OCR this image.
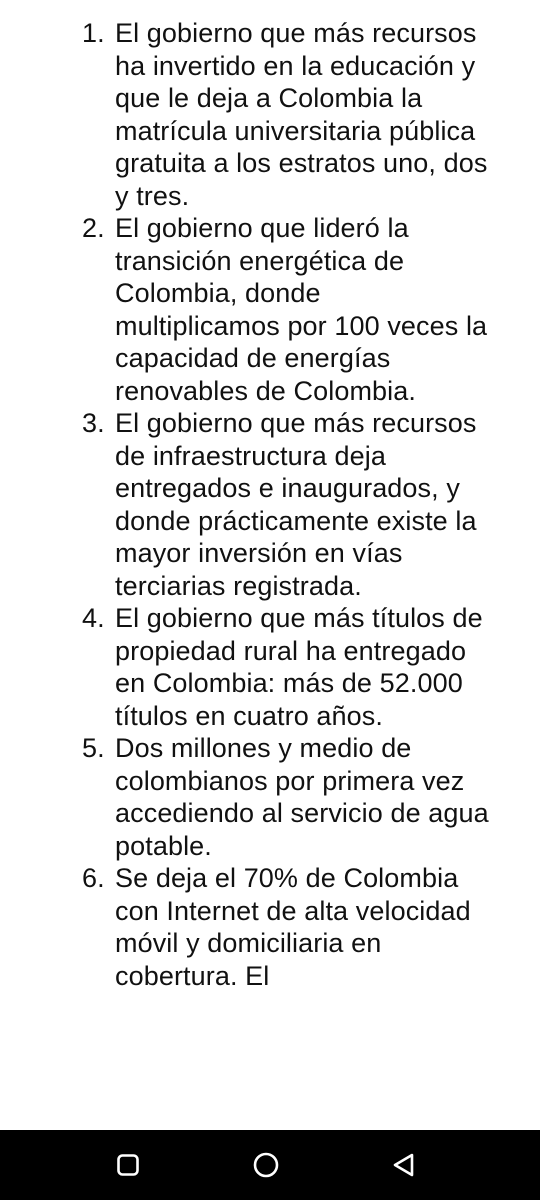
1. El gobierno que más recursos ha invertido en la educación y que le deja a Colombia la matrícula universitaria pública gratuita a los estratos uno, dos y tres.
2. El gobierno que lideró la transición energética de Colombia, donde multiplicamos por 100 veces la capacidad de energías renovables de Colombia.
3. El gobierno que más recursos de infraestructura deja entregados e inaugurados, y donde prácticamente existe la mayor inversión en vías terciarias registrada.
4. El gobierno que más títulos de propiedad rural ha entregado en Colombia: más de 52.000 títulos en cuatro años.
5. Dos millones y medio de colombianos por primera vez accediendo al servicio de agua potable.
6. Se deja el 70% de Colombia con Internet de alta velocidad móvil y domiciliaria en cobertura. El
